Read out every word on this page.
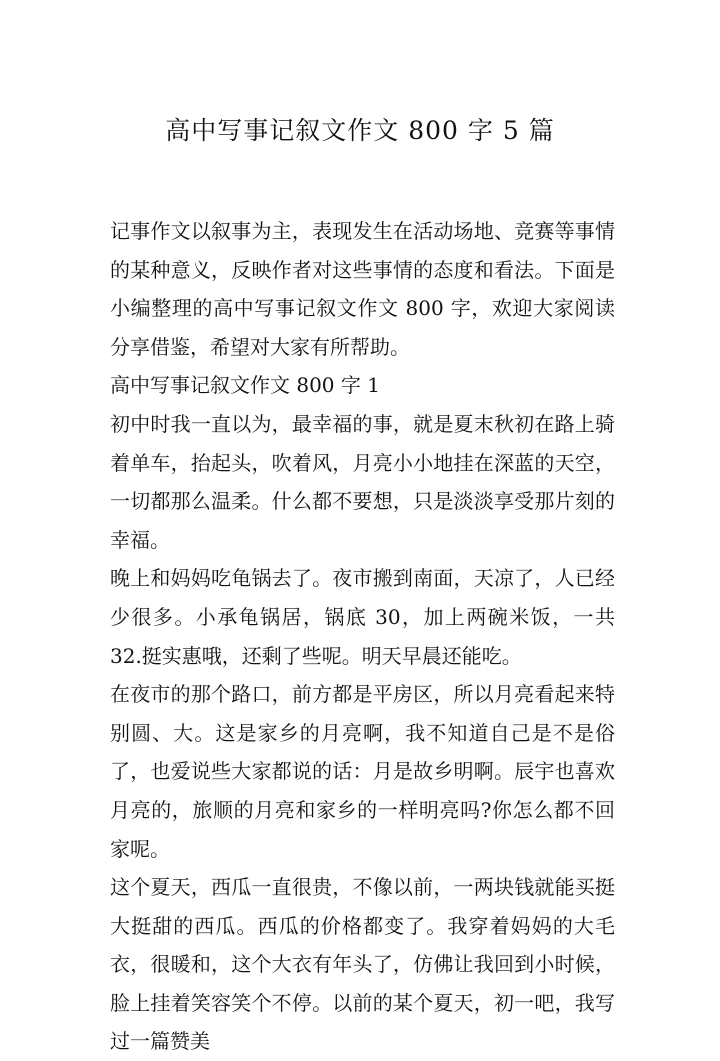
高中写事记叙文作文 800 字 5 篇

记事作文以叙事为主，表现发生在活动场地、竞赛等事情的某种意义，反映作者对这些事情的态度和看法。下面是小编整理的高中写事记叙文作文 800 字，欢迎大家阅读分享借鉴，希望对大家有所帮助。

高中写事记叙文作文 800 字 1

初中时我一直以为，最幸福的事，就是夏末秋初在路上骑着单车，抬起头，吹着风，月亮小小地挂在深蓝的天空，一切都那么温柔。什么都不要想，只是淡淡享受那片刻的幸福。

晚上和妈妈吃龟锅去了。夜市搬到南面，天凉了，人已经少很多。小承龟锅居，锅底 30，加上两碗米饭，一共 32.挺实惠哦，还剩了些呢。明天早晨还能吃。

在夜市的那个路口，前方都是平房区，所以月亮看起来特别圆、大。这是家乡的月亮啊，我不知道自己是不是俗了，也爱说些大家都说的话：月是故乡明啊。辰宇也喜欢月亮的，旅顺的月亮和家乡的一样明亮吗?你怎么都不回家呢。

这个夏天，西瓜一直很贵，不像以前，一两块钱就能买挺大挺甜的西瓜。西瓜的价格都变了。我穿着妈妈的大毛衣，很暖和，这个大衣有年头了，仿佛让我回到小时候，脸上挂着笑容笑个不停。以前的某个夏天，初一吧，我写过一篇赞美
